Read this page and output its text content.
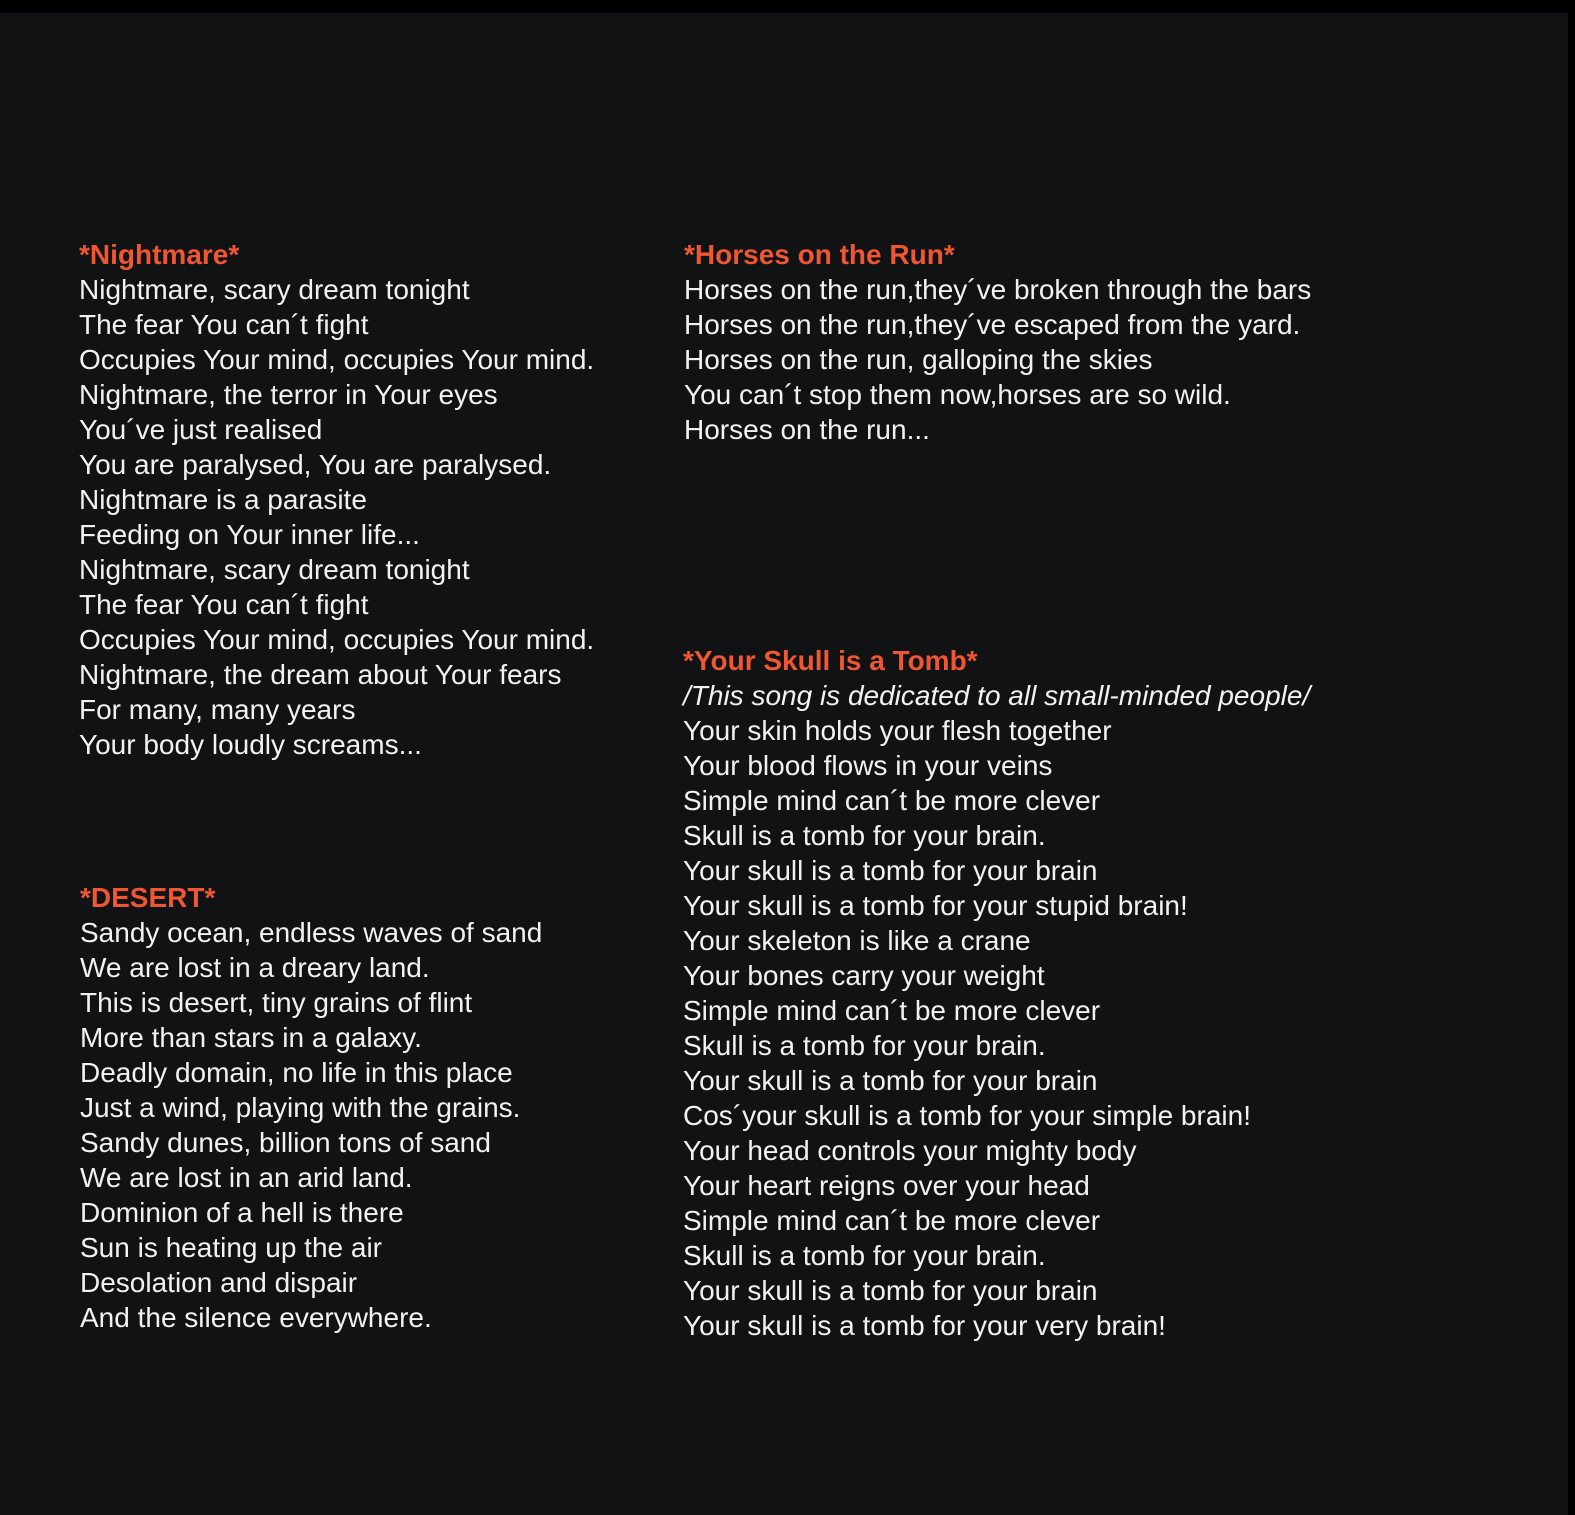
*Nightmare*
Nightmare, scary dream tonight
The fear You can´t fight
Occupies Your mind, occupies Your mind.
Nightmare, the terror in Your eyes
You´ve just realised
You are paralysed, You are paralysed.
Nightmare is a parasite
Feeding on Your inner life...
Nightmare, scary dream tonight
The fear You can´t fight
Occupies Your mind, occupies Your mind.
Nightmare, the dream about Your fears
For many, many years
Your body loudly screams...
*DESERT*
Sandy ocean, endless waves of sand
We are lost in a dreary land.
This is desert, tiny grains of flint
More than stars in a galaxy.
Deadly domain, no life in this place
Just a wind, playing with the grains.
Sandy dunes, billion tons of sand
We are lost in an arid land.
Dominion of a hell is there
Sun is heating up the air
Desolation and dispair
And the silence everywhere.
*Horses on the Run*
Horses on the run,they´ve broken through the bars
Horses on the run,they´ve escaped from the yard.
Horses on the run, galloping the skies
You can´t stop them now,horses are so wild.
Horses on the run...
*Your Skull is a Tomb*

/This song is dedicated to all small-minded people/

Your skin holds your flesh together
Your blood flows in your veins
Simple mind can´t be more clever
Skull is a tomb for your brain.
Your skull is a tomb for your brain
Your skull is a tomb for your stupid brain!
Your skeleton is like a crane
Your bones carry your weight
Simple mind can´t be more clever
Skull is a tomb for your brain.
Your skull is a tomb for your brain
Cos´your skull is a tomb for your simple brain!
Your head controls your mighty body
Your heart reigns over your head
Simple mind can´t be more clever
Skull is a tomb for your brain.
Your skull is a tomb for your brain
Your skull is a tomb for your very brain!
